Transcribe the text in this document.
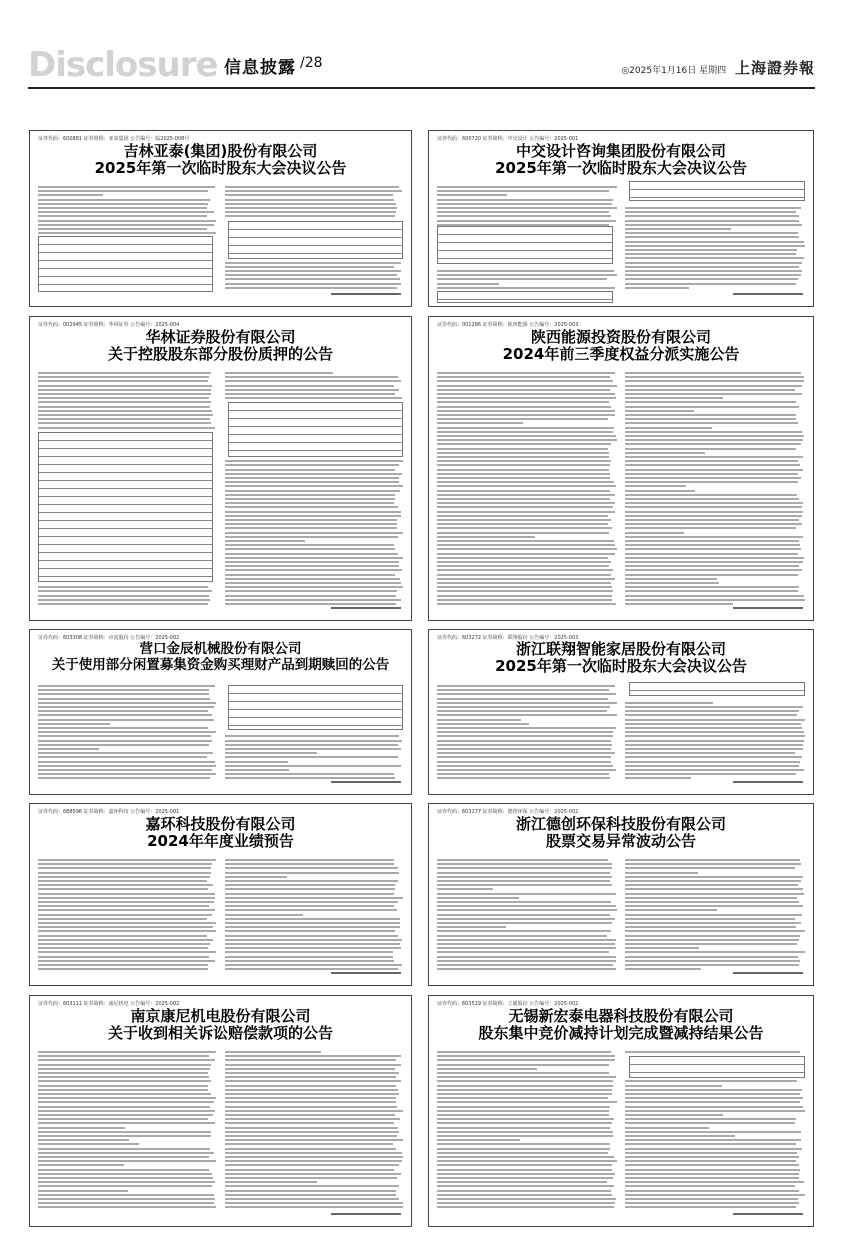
Disclosure 信息披露 /28	◎2025年1月16日 星期四 上海證券報
证券代码：600881 证券简称：亚泰集团 公告编号：临2025-008号
吉林亚泰(集团)股份有限公司
2025年第一次临时股东大会决议公告
证券代码：600720 证券简称：中交设计 公告编号：2025-001
中交设计咨询集团股份有限公司
2025年第一次临时股东大会决议公告
证券代码：002945 证券简称：华林证券 公告编号：2025-004
华林证券股份有限公司
关于控股股东部分股份质押的公告
证券代码：001286 证券简称：陕西能源 公告编号：2025-003
陕西能源投资股份有限公司
2024年前三季度权益分派实施公告
证券代码：603308 证券简称：应流股份 公告编号：2025-002
营口金辰机械股份有限公司
关于使用部分闲置募集资金购买理财产品到期赎回的公告
证券代码：603272 证券简称：联翔股份 公告编号：2025-003
浙江联翔智能家居股份有限公司
2025年第一次临时股东大会决议公告
证券代码：688596 证券简称：嘉环科技 公告编号：2025-001
嘉环科技股份有限公司
2024年年度业绩预告
证券代码：603177 证券简称：德创环保 公告编号：2025-002
浙江德创环保科技股份有限公司
股票交易异常波动公告
证券代码：603111 证券简称：康尼机电 公告编号：2025-002
南京康尼机电股份有限公司
关于收到相关诉讼赔偿款项的公告
证券代码：603519 证券简称：立霸股份 公告编号：2025-002
无锡新宏泰电器科技股份有限公司
股东集中竞价减持计划完成暨减持结果公告
